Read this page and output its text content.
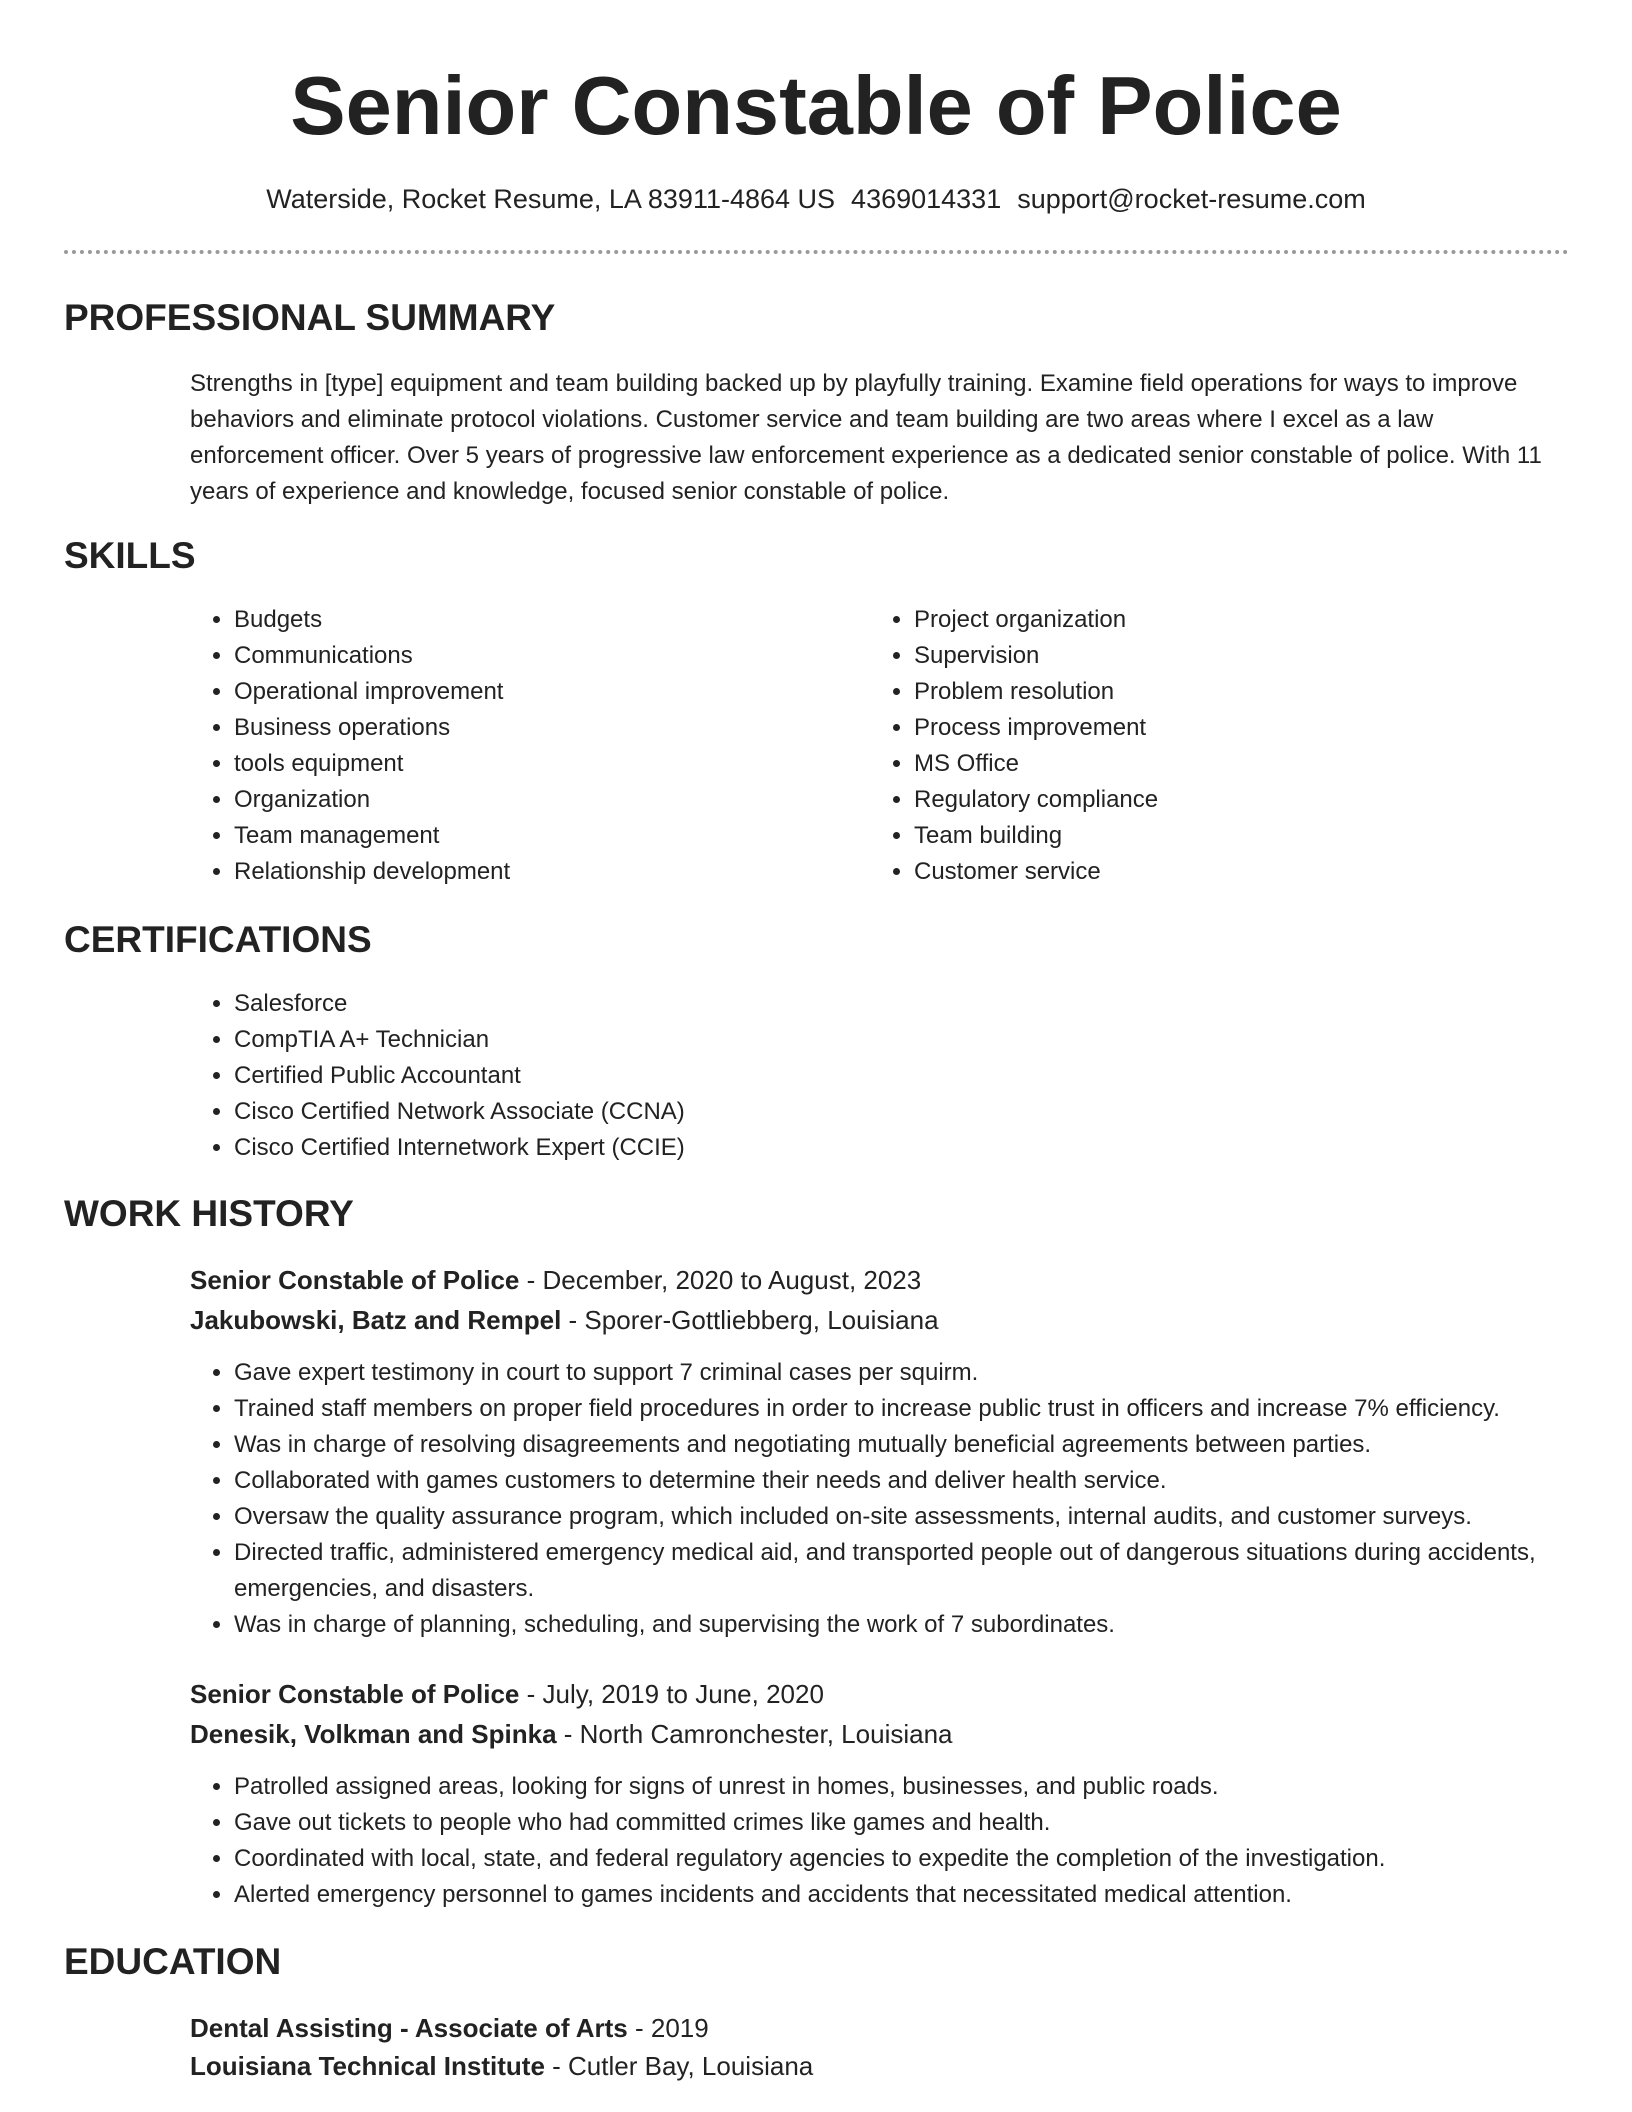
Senior Constable of Police
Waterside, Rocket Resume, LA 83911-4864 US 4369014331 support@rocket-resume.com
PROFESSIONAL SUMMARY

Strengths in [type] equipment and team building backed up by playfully training. Examine field operations for ways to improve behaviors and eliminate protocol violations. Customer service and team building are two areas where I excel as a law enforcement officer. Over 5 years of progressive law enforcement experience as a dedicated senior constable of police. With 11 years of experience and knowledge, focused senior constable of police.

SKILLS
• Budgets
• Communications
• Operational improvement
• Business operations
• tools equipment
• Organization
• Team management
• Relationship development
• Project organization
• Supervision
• Problem resolution
• Process improvement
• MS Office
• Regulatory compliance
• Team building
• Customer service
CERTIFICATIONS
• Salesforce
• CompTIA A+ Technician
• Certified Public Accountant
• Cisco Certified Network Associate (CCNA)
• Cisco Certified Internetwork Expert (CCIE)
WORK HISTORY

Senior Constable of Police - December, 2020 to August, 2023

Jakubowski, Batz and Rempel - Sporer-Gottliebberg, Louisiana

• Gave expert testimony in court to support 7 criminal cases per squirm.
• Trained staff members on proper field procedures in order to increase public trust in officers and increase 7% efficiency.
• Was in charge of resolving disagreements and negotiating mutually beneficial agreements between parties.
• Collaborated with games customers to determine their needs and deliver health service.
• Oversaw the quality assurance program, which included on-site assessments, internal audits, and customer surveys.
• Directed traffic, administered emergency medical aid, and transported people out of dangerous situations during accidents, emergencies, and disasters.
• Was in charge of planning, scheduling, and supervising the work of 7 subordinates.

Senior Constable of Police - July, 2019 to June, 2020

Denesik, Volkman and Spinka - North Camronchester, Louisiana

• Patrolled assigned areas, looking for signs of unrest in homes, businesses, and public roads.
• Gave out tickets to people who had committed crimes like games and health.
• Coordinated with local, state, and federal regulatory agencies to expedite the completion of the investigation.
• Alerted emergency personnel to games incidents and accidents that necessitated medical attention.
EDUCATION

Dental Assisting - Associate of Arts - 2019

Louisiana Technical Institute - Cutler Bay, Louisiana
